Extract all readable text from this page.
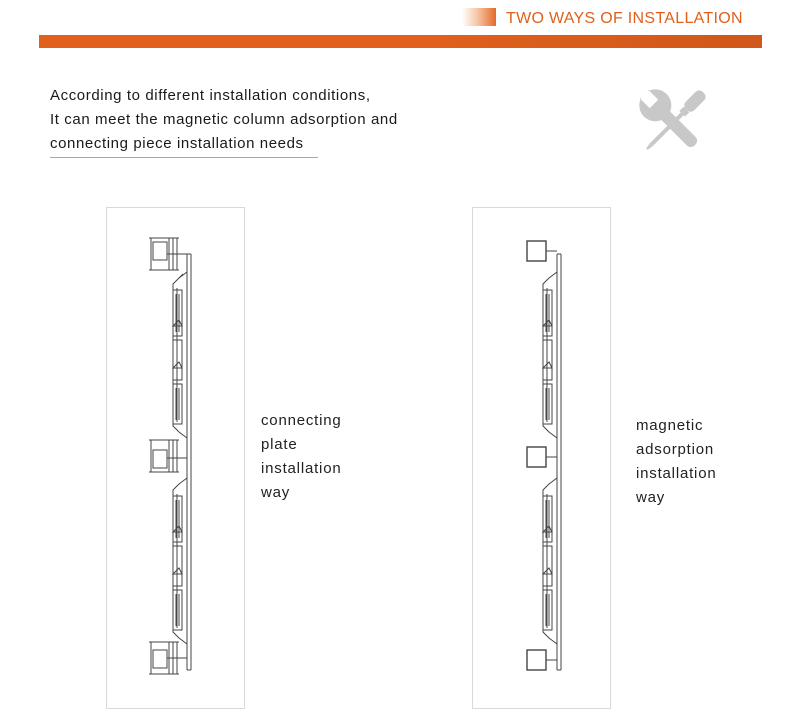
TWO WAYS OF INSTALLATION
According to different installation conditions,
It can meet the magnetic column adsorption and
connecting piece installation needs
connecting
plate
installation
way
magnetic
adsorption
installation
way
